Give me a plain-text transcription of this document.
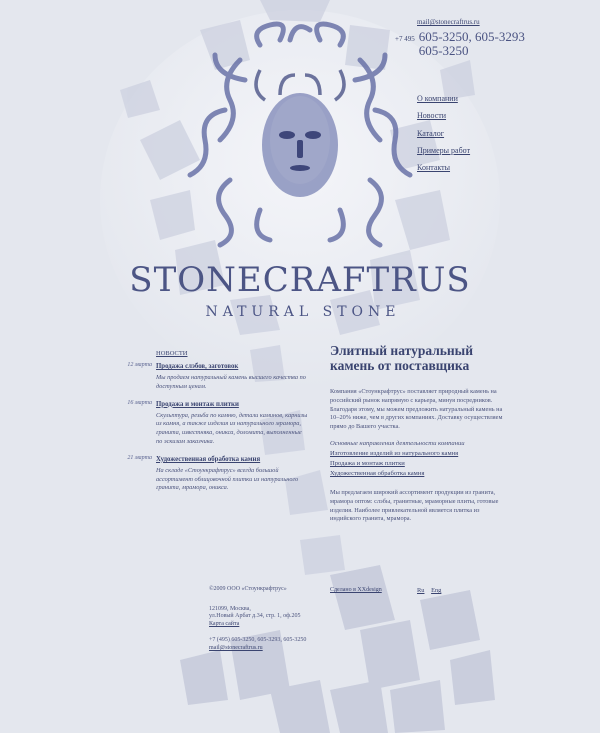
mail@stonecraftrus.ru
+7 495 605-3250, 605-3293
605-3250
О компании
Новости
Каталог
Примеры работ
Контакты
STONECRAFTRUS
NATURAL STONE
НОВОСТИ
12 марта Продажа слэбов, заготовок
Мы продаем натуральный камень высшего качества по доступным ценам.
16 марта Продажа и монтаж плитки
Скульптура, резьба по камню, детали каминов, карнизы из камня, а также изделия из натурального мрамора, гранита, известняка, оникса, доломита, выполненные по эскизам заказчика.
21 марта Художественная обработка камня
На складе «Стоункрафтрус» всегда большой ассортимент облицовочной плитки из натурального гранита, мрамора, оникса.
Элитный натуральный камень от поставщика

Компания «Стоункрафтрус» поставляет природный камень на российский рынок напрямую с карьера, минуя посредников. Благодаря этому, мы можем предложить натуральный камень на 10–20% ниже, чем в других компаниях. Доставку осуществляем прямо до Вашего участка.

Основные направления деятельности компании
Изготовление изделий из натурального камня
Продажа и монтаж плитки
Художественная обработка камня

Мы предлагаем широкий ассортимент продукции из гранита, мрамора оптом: слэбы, гранитные, мраморные плиты, готовые изделия. Наиболее привлекательной является плитка из индийского гранита, мрамора.

©2009 ООО «Стоункрафтрус»
121099, Москва,
ул.Новый Арбат д.34, стр. 1, оф.205
Карта сайта
+7 (495) 605-3250, 605-3293, 605-3250
mail@stonecraftrus.ru
Сделано в XXdesign	Ru Eng
